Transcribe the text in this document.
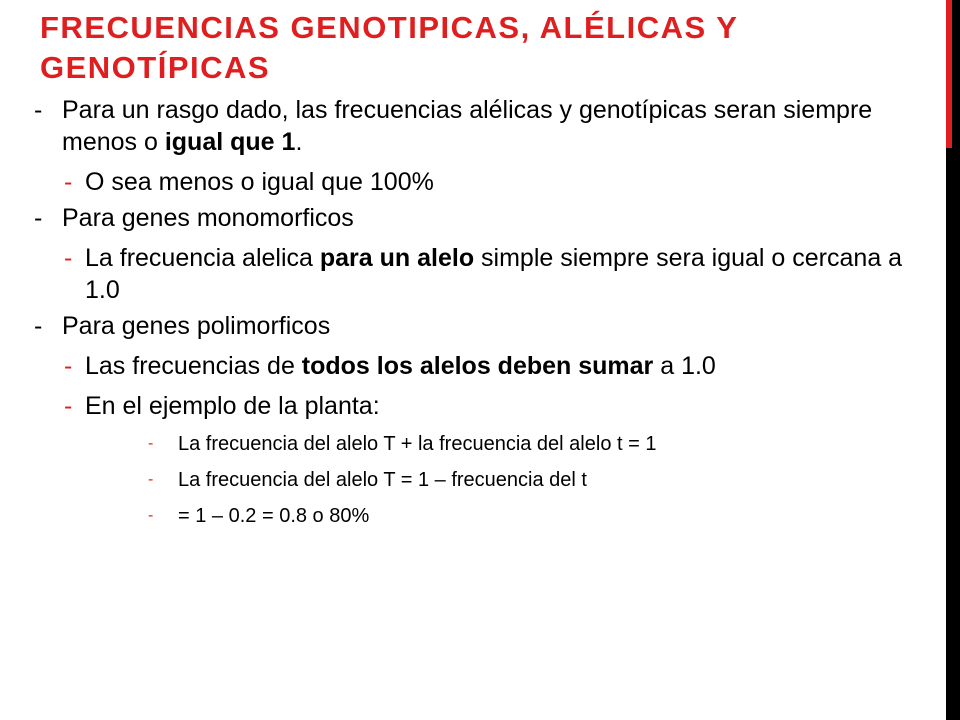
FRECUENCIAS GENOTIPICAS, ALÉLICAS Y GENOTÍPICAS
- Para un rasgo dado, las frecuencias alélicas y genotípicas seran siempre menos o igual que 1.
- O sea menos o igual que 100%
- Para genes monomorficos
- La frecuencia alelica para un alelo simple siempre sera igual o cercana a 1.0
- Para genes polimorficos
- Las frecuencias de todos los alelos deben sumar a 1.0
- En el ejemplo de la planta:
- La frecuencia del alelo T + la frecuencia del alelo t = 1
- La frecuencia del alelo T = 1 – frecuencia del t
- = 1 – 0.2 = 0.8 o 80%
